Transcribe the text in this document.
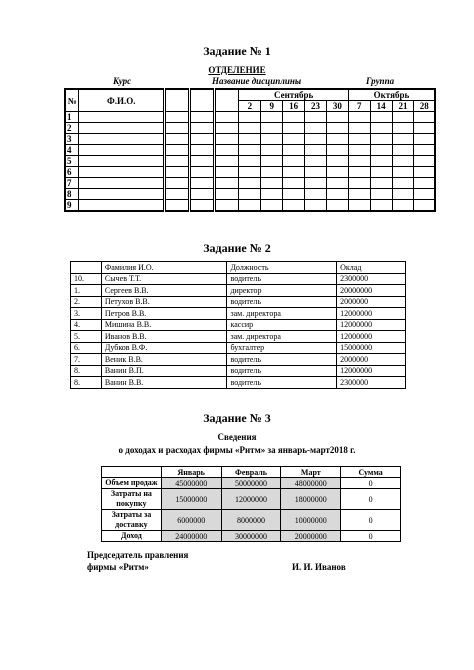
Задание № 1
ОТДЕЛЕНИЕ
Курс	Название дисциплины	Группа
№	Ф.И.О.				Сентябрь					Октябрь			
					2	9	16	23	30	7	14	21	28
1													
2													
3													
4													
5													
6													
7													
8													
9													
Задание № 2
	Фамилия И.О.	Должность	Оклад
10.	Сычев Т.Т.	водитель	2300000
1.	Сергеев В.В.	директор	20000000
2.	Петухов В.В.	водитель	2000000
3.	Петров В.В.	зам. директора	12000000
4.	Мишина В.В.	кассир	12000000
5.	Иванов В.В.	зам. директора	12000000
6.	Дубков В.Ф.	бухгалтер	15000000
7.	Веник В.В.	водитель	2000000
8.	Ванин В.П.	водитель	12000000
8.	Ванин В.В.	водитель	2300000
Задание № 3
Сведения
о доходах и расходах фирмы «Ритм» за январь-март2018 г.
	Январь	Февраль	Март	Сумма
Объем продаж	45000000	50000000	48000000	0
Затраты на покупку	15000000	12000000	18000000	0
Затраты за доставку	6000000	8000000	10000000	0
Доход	24000000	30000000	20000000	0
Председатель правления
фирмы «Ритм»	И. И. Иванов
